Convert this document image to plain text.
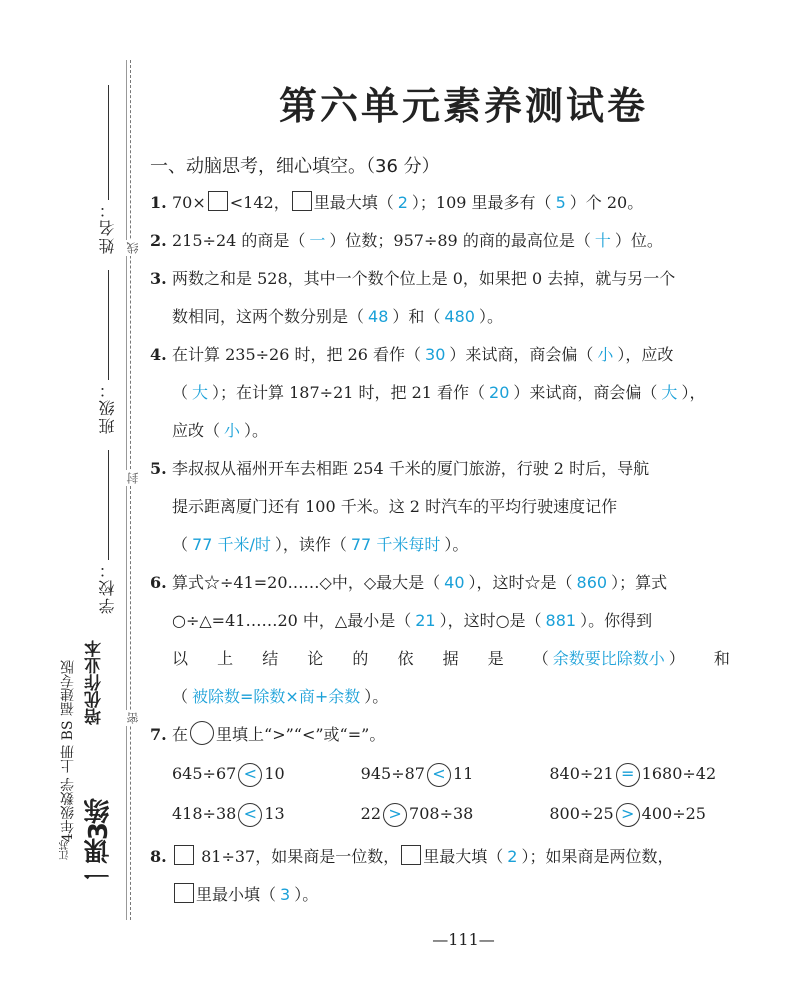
线
封
密
姓名：
班级：
学校：
培优作业本
4年级数学 上册 BS 福建专版
一课3练
江苏
第六单元素养测试卷
一、动脑思考，细心填空。（36 分）
1. 70× <142， 里最大填（ 2 ）；109 里最多有（ 5 ）个 20。
2. 215÷24 的商是（ 一 ）位数；957÷89 的商的最高位是（ 十 ）位。
3. 两数之和是 528，其中一个数个位上是 0，如果把 0 去掉，就与另一个
数相同，这两个数分别是（ 48 ）和（ 480 ）。
4. 在计算 235÷26 时，把 26 看作（ 30 ）来试商，商会偏（ 小 ），应改
（ 大 ）；在计算 187÷21 时，把 21 看作（ 20 ）来试商，商会偏（ 大 ），
应改（ 小 ）。
5. 李叔叔从福州开车去相距 254 千米的厦门旅游，行驶 2 时后，导航
提示距离厦门还有 100 千米。这 2 时汽车的平均行驶速度记作
（ 77 千米/时 ），读作（ 77 千米每时 ）。
6. 算式☆÷41=20……◇中，◇最大是（ 40 ），这时☆是（ 860 ）；算式
○÷△=41……20 中，△最小是（ 21 ），这时○是（ 881 ）。你得到
以 上 结 论 的 依 据 是 （ 余数要比除数小 ） 和
（ 被除数=除数×商+余数 ）。
7. 在 里填上“>”“<”或“=”。
645÷67 < 10	945÷87 < 11	840÷21 = 1680÷42
418÷38 < 13	22 > 708÷38	800÷25 > 400÷25
8.	81÷37，如果商是一位数， 里最大填（ 2 ）；如果商是两位数，
里最小填（ 3 ）。
—111—
